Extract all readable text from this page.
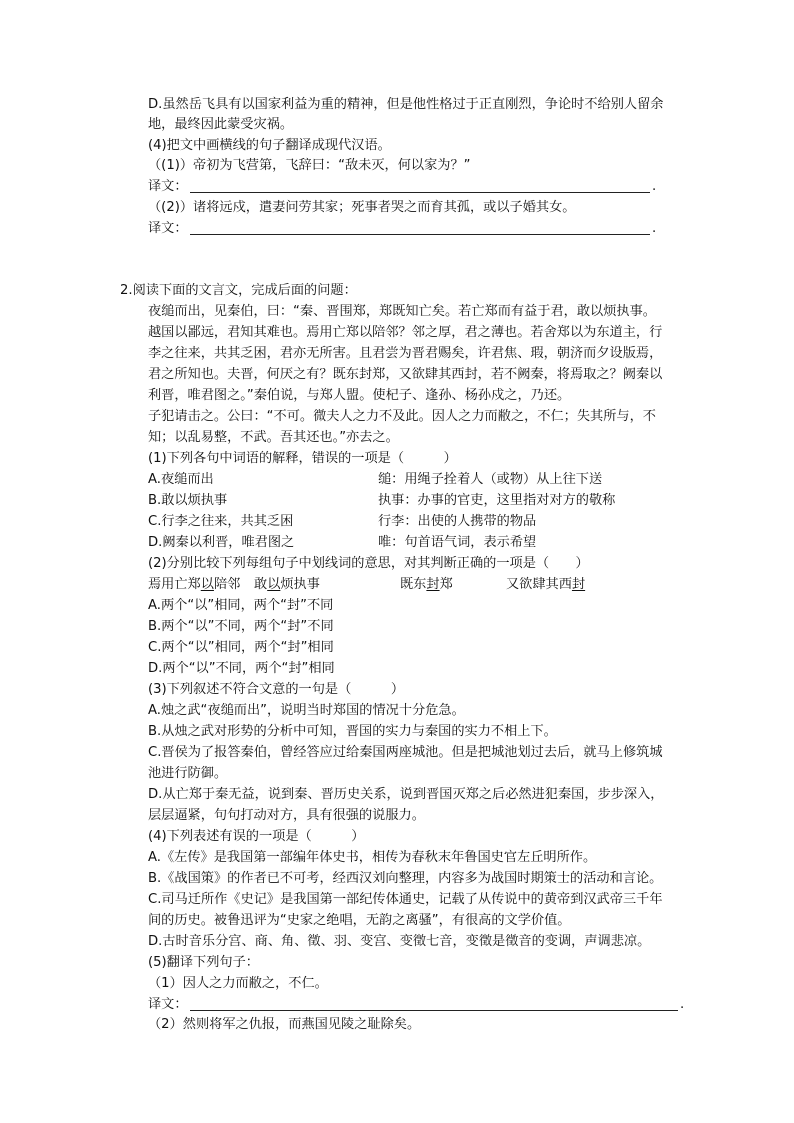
D.虽然岳飞具有以国家利益为重的精神，但是他性格过于正直刚烈，争论时不给别人留余
地，最终因此蒙受灾祸。
(4)把文中画横线的句子翻译成现代汉语。
（(1)）帝初为飞营第，飞辞曰：“敌未灭，何以家为？”
译文：	.
（(2)）诸将远戍，遣妻问劳其家；死事者哭之而育其孤，或以子婚其女。
译文：	.
2.阅读下面的文言文，完成后面的问题：
夜缒而出，见秦伯，曰：“秦、晋围郑，郑既知亡矣。若亡郑而有益于君，敢以烦执事。
越国以鄙远，君知其难也。焉用亡郑以陪邻？邻之厚，君之薄也。若舍郑以为东道主，行
李之往来，共其乏困，君亦无所害。且君尝为晋君赐矣，许君焦、瑕，朝济而夕设版焉，
君之所知也。夫晋，何厌之有？既东封郑，又欲肆其西封，若不阙秦，将焉取之？阙秦以
利晋，唯君图之。”秦伯说，与郑人盟。使杞子、逢孙、杨孙戍之，乃还。
子犯请击之。公曰：“不可。微夫人之力不及此。因人之力而敝之，不仁；失其所与，不
知；以乱易整，不武。吾其还也。”亦去之。
(1)下列各句中词语的解释，错误的一项是（　　　）
A.夜缒而出	缒：用绳子拴着人（或物）从上往下送
B.敢以烦执事	执事：办事的官吏，这里指对对方的敬称
C.行李之往来，共其乏困	行李：出使的人携带的物品
D.阙秦以利晋，唯君图之	唯：句首语气词，表示希望
(2)分别比较下列每组句子中划线词的意思，对其判断正确的一项是（　　）
焉用亡郑以陪邻 敢以烦执事	既东封郑	又欲肆其西封
A.两个“以”相同，两个“封”不同
B.两个“以”不同，两个“封”不同
C.两个“以”相同，两个“封”相同
D.两个“以”不同，两个“封”相同
(3)下列叙述不符合文意的一句是（　　　）
A.烛之武“夜缒而出”，说明当时郑国的情况十分危急。
B.从烛之武对形势的分析中可知，晋国的实力与秦国的实力不相上下。
C.晋侯为了报答秦伯，曾经答应过给秦国两座城池。但是把城池划过去后，就马上修筑城
池进行防御。
D.从亡郑于秦无益，说到秦、晋历史关系，说到晋国灭郑之后必然进犯秦国，步步深入，
层层逼紧，句句打动对方，具有很强的说服力。
(4)下列表述有误的一项是（　　　）
A.《左传》是我国第一部编年体史书，相传为春秋末年鲁国史官左丘明所作。
B.《战国策》的作者已不可考，经西汉刘向整理，内容多为战国时期策士的活动和言论。
C.司马迁所作《史记》是我国第一部纪传体通史，记载了从传说中的黄帝到汉武帝三千年
间的历史。被鲁迅评为“史家之绝唱，无韵之离骚”，有很高的文学价值。
D.古时音乐分宫、商、角、徵、羽、变宫、变徵七音，变徵是徵音的变调，声调悲凉。
(5)翻译下列句子：
（1）因人之力而敝之，不仁。
译文：	.
（2）然则将军之仇报，而燕国见陵之耻除矣。
